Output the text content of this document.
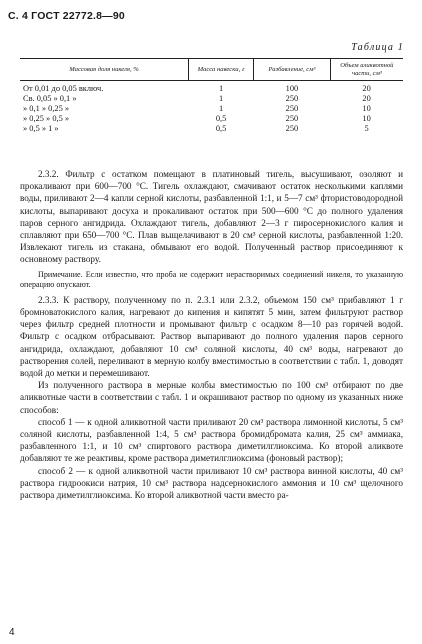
С. 4 ГОСТ 22772.8—90
Таблица 1
Массовая доля никеля, %	Масса навески, г	Разбавление, см³	Объем аликвотной части, см³
От 0,01 до 0,05 включ.	1	100	20
Св. 0,05 » 0,1 »	1	250	20
» 0,1 » 0,25 »	1	250	10
» 0,25 » 0,5 »	0,5	250	10
» 0,5 » 1 »	0,5	250	5

2.3.2. Фильтр с остатком помещают в платиновый тигель, высушивают, озоляют и прокаливают при 600—700 °С. Тигель охлаждают, смачивают остаток несколькими каплями воды, приливают 2—4 капли серной кислоты, разбавленной 1:1, и 5—7 см³ фтористоводородной кислоты, выпаривают досуха и прокаливают остаток при 500—600 °С до полного удаления паров серного ангидрида. Охлаждают тигель, добавляют 2—3 г пиросернокислого калия и сплавляют при 650—700 °С. Плав выщелачивают в 20 см³ серной кислоты, разбавленной 1:20. Извлекают тигель из стакана, обмывают его водой. Полученный раствор присоединяют к основному раствору.

Примечание. Если известно, что проба не содержит нерастворимых соединений никеля, то указанную операцию опускают.

2.3.3. К раствору, полученному по п. 2.3.1 или 2.3.2, объемом 150 см³ прибавляют 1 г бромноватокислого калия, нагревают до кипения и кипятят 5 мин, затем фильтруют раствор через фильтр средней плотности и промывают фильтр с осадком 8—10 раз горячей водой. Фильтр с осадком отбрасывают. Раствор выпаривают до полного удаления паров серного ангидрида, охлаждают, добавляют 10 см³ соляной кислоты, 40 см³ воды, нагревают до растворения солей, переливают в мерную колбу вместимостью в соответствии с табл. 1, доводят водой до метки и перемешивают.

Из полученного раствора в мерные колбы вместимостью по 100 см³ отбирают по две аликвотные части в соответствии с табл. 1 и окрашивают раствор по одному из указанных ниже способов:

способ 1 — к одной аликвотной части приливают 20 см³ раствора лимонной кислоты, 5 см³ соляной кислоты, разбавленной 1:4, 5 см³ раствора бромидбромата калия, 25 см³ аммиака, разбавленного 1:1, и 10 см³ спиртового раствора диметилглиоксима. Ко второй аликвоте добавляют те же реактивы, кроме раствора диметилглиоксима (фоновый раствор);

способ 2 — к одной аликвотной части приливают 10 см³ раствора винной кислоты, 40 см³ раствора гидроокиси натрия, 10 см³ раствора надсернокислого аммония и 10 см³ щелочного раствора диметилглиоксима. Ко второй аликвотной части вместо ра-

4
